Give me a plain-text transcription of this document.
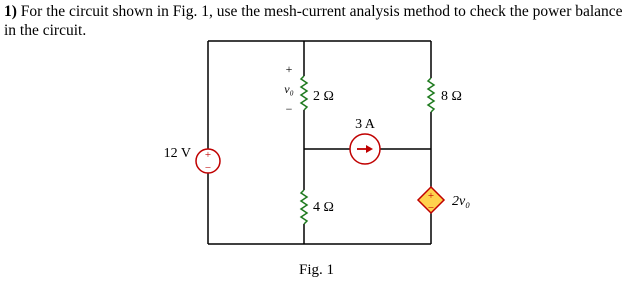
1) For the circuit shown in Fig. 1, use the mesh-current analysis method to check the power balance in the circuit.
+
−
12 V
2 Ω
+
v₀
−
4 Ω
8 Ω
3 A
+
− 2v₀
Fig. 1
